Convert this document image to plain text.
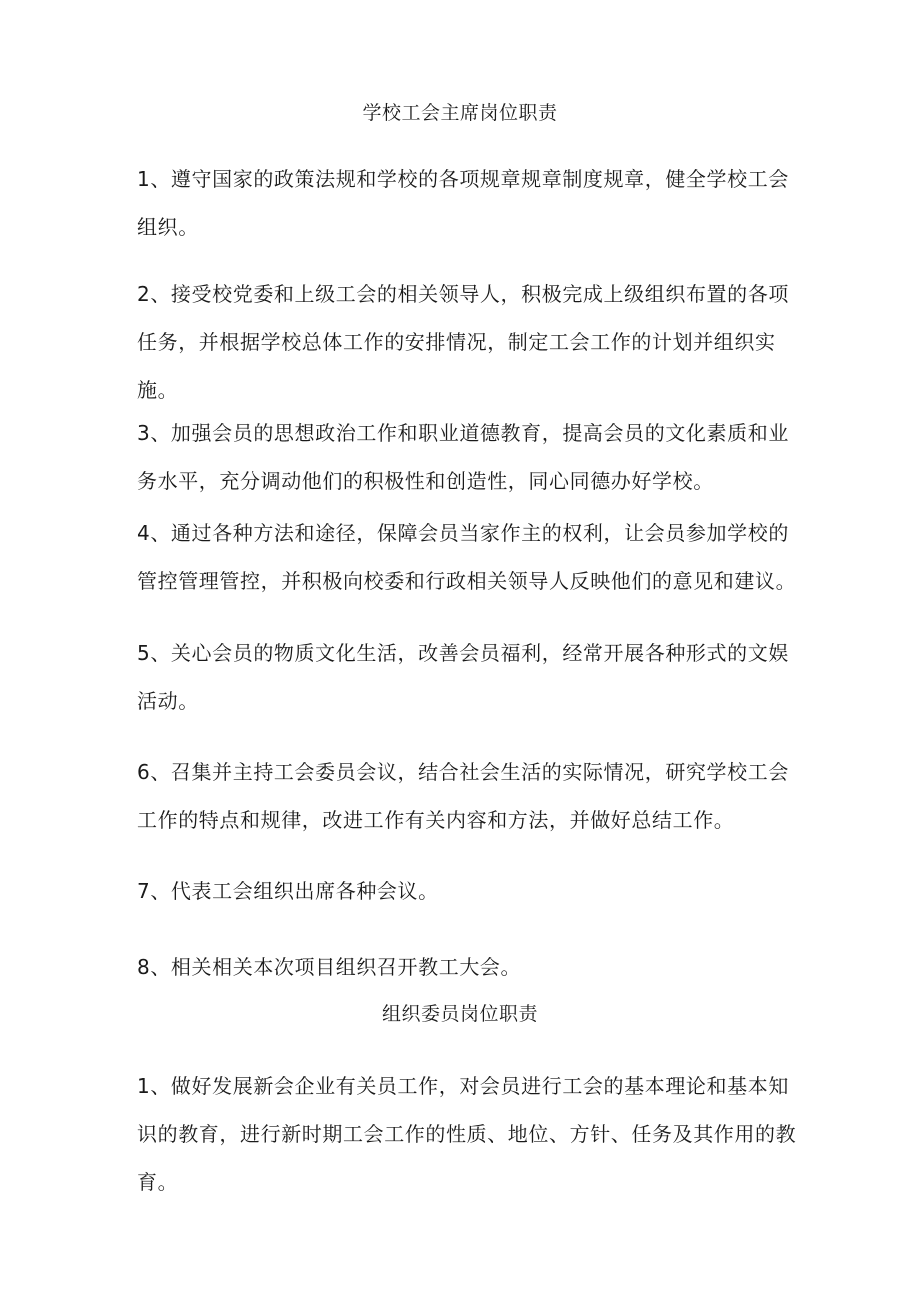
学校工会主席岗位职责
1、遵守国家的政策法规和学校的各项规章规章制度规章，健全学校工会组织。
2、接受校党委和上级工会的相关领导人，积极完成上级组织布置的各项任务，并根据学校总体工作的安排情况，制定工会工作的计划并组织实施。
3、加强会员的思想政治工作和职业道德教育，提高会员的文化素质和业务水平，充分调动他们的积极性和创造性，同心同德办好学校。
4、通过各种方法和途径，保障会员当家作主的权利，让会员参加学校的管控管理管控，并积极向校委和行政相关领导人反映他们的意见和建议。
5、关心会员的物质文化生活，改善会员福利，经常开展各种形式的文娱活动。
6、召集并主持工会委员会议，结合社会生活的实际情况，研究学校工会工作的特点和规律，改进工作有关内容和方法，并做好总结工作。
7、代表工会组织出席各种会议。
8、相关相关本次项目组织召开教工大会。
组织委员岗位职责
1、做好发展新会企业有关员工作，对会员进行工会的基本理论和基本知识的教育，进行新时期工会工作的性质、地位、方针、任务及其作用的教育。
